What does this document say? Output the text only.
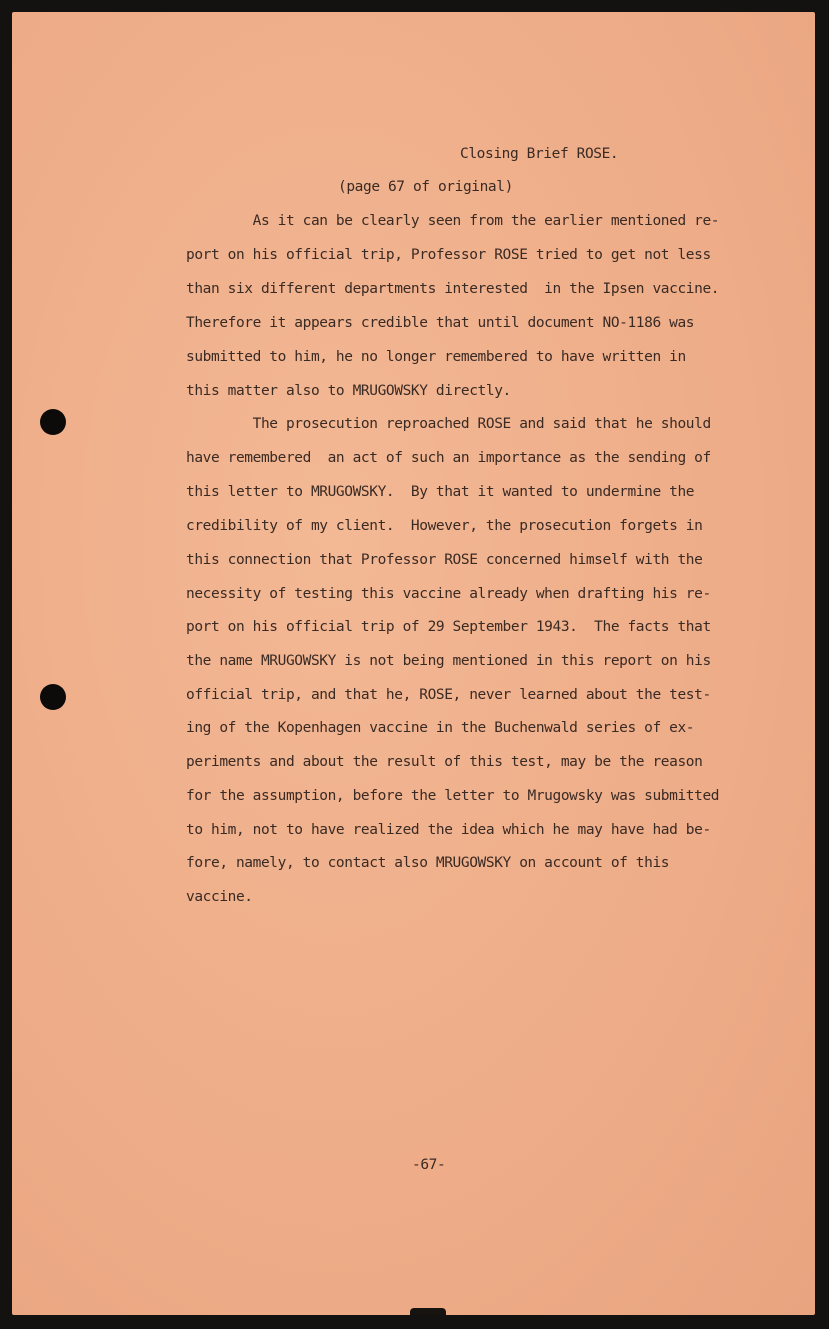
Closing Brief ROSE.
(page 67 of original)
As it can be clearly seen from the earlier mentioned re-
port on his official trip, Professor ROSE tried to get not less
than six different departments interested  in the Ipsen vaccine.
Therefore it appears credible that until document NO-1186 was
submitted to him, he no longer remembered to have written in
this matter also to MRUGOWSKY directly.
The prosecution reproached ROSE and said that he should
have remembered  an act of such an importance as the sending of
this letter to MRUGOWSKY.  By that it wanted to undermine the
credibility of my client.  However, the prosecution forgets in
this connection that Professor ROSE concerned himself with the
necessity of testing this vaccine already when drafting his re-
port on his official trip of 29 September 1943.  The facts that
the name MRUGOWSKY is not being mentioned in this report on his
official trip, and that he, ROSE, never learned about the test-
ing of the Kopenhagen vaccine in the Buchenwald series of ex-
periments and about the result of this test, may be the reason
for the assumption, before the letter to Mrugowsky was submitted
to him, not to have realized the idea which he may have had be-
fore, namely, to contact also MRUGOWSKY on account of this
vaccine.
-67-
